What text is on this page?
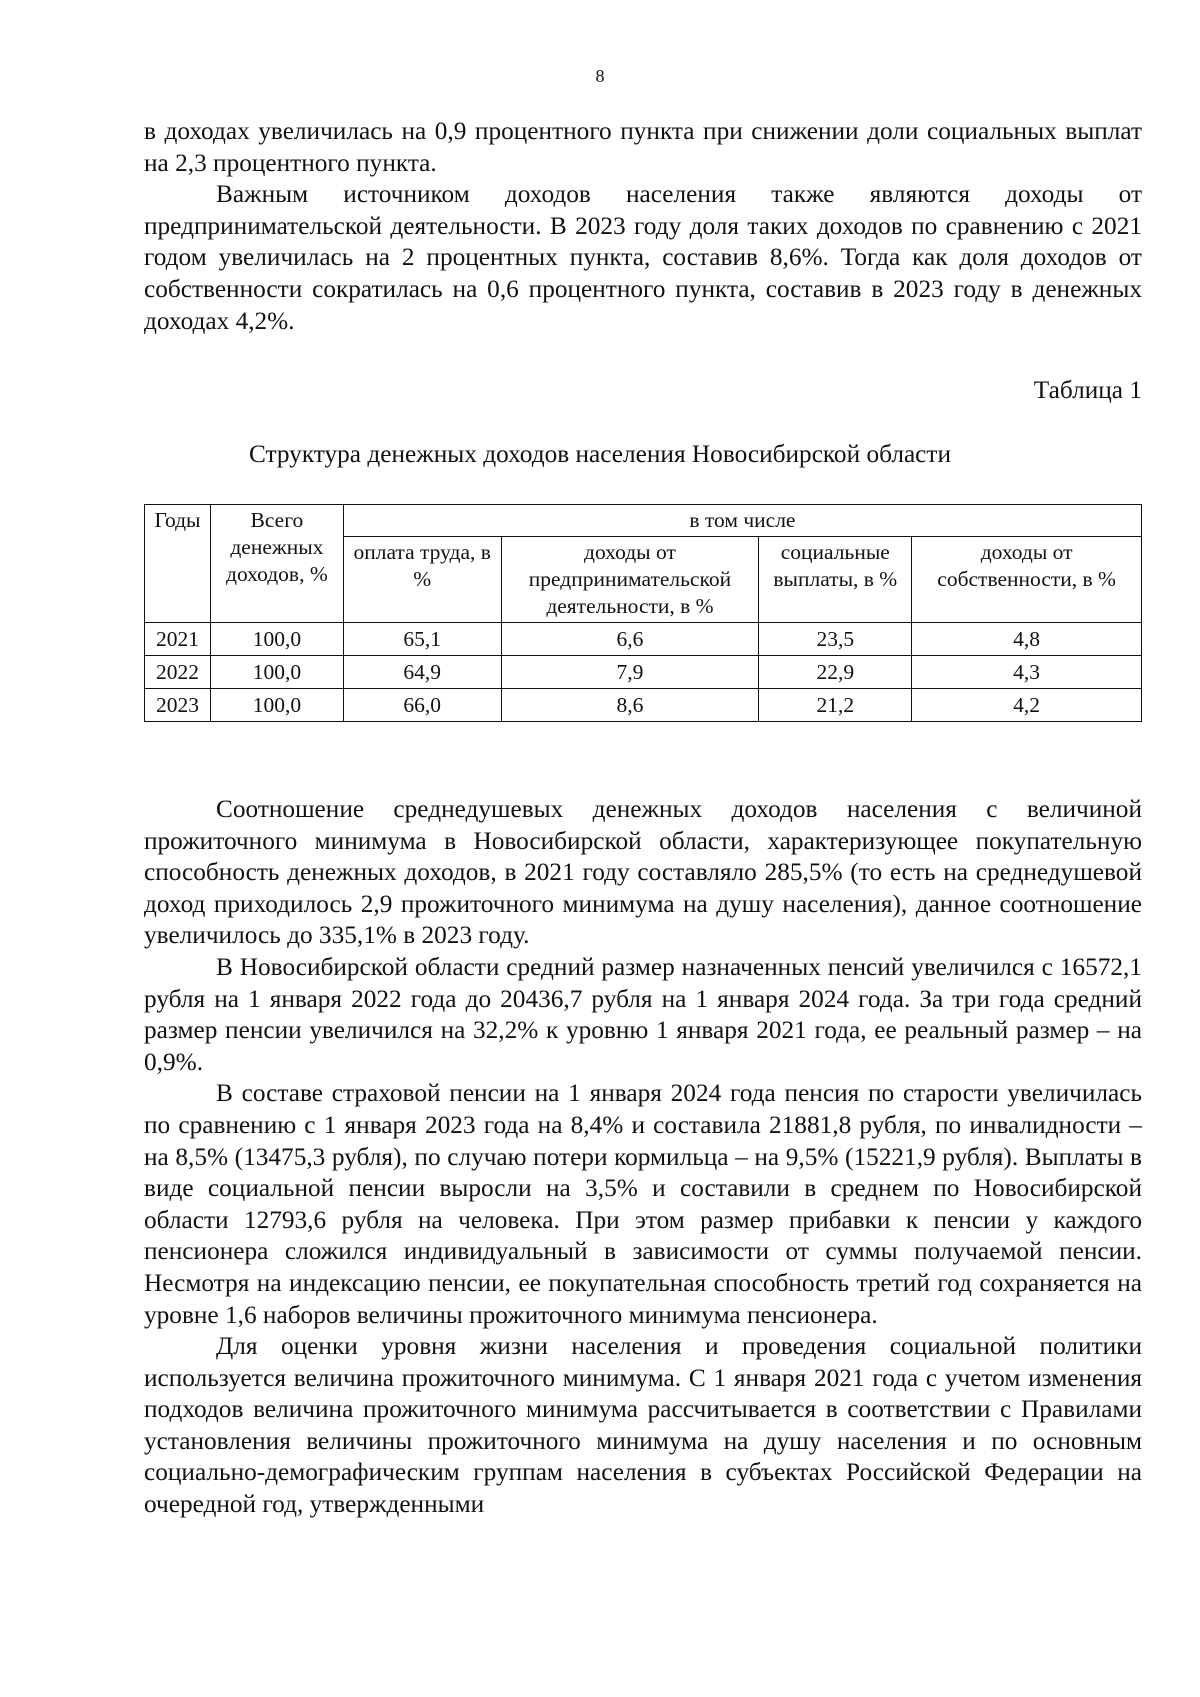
8

в доходах увеличилась на 0,9 процентного пункта при снижении доли социальных выплат на 2,3 процентного пункта.

Важным источником доходов населения также являются доходы от предпринимательской деятельности. В 2023 году доля таких доходов по сравнению с 2021 годом увеличилась на 2 процентных пункта, составив 8,6%. Тогда как доля доходов от собственности сократилась на 0,6 процентного пункта, составив в 2023 году в денежных доходах 4,2%.

Таблица 1
Структура денежных доходов населения Новосибирской области
Годы	Всего денежных доходов, %	в том числе			
		оплата труда, в %	доходы от предпринимательской деятельности, в %	социальные выплаты, в %	доходы от собственности, в %
2021	100,0	65,1	6,6	23,5	4,8
2022	100,0	64,9	7,9	22,9	4,3
2023	100,0	66,0	8,6	21,2	4,2

Соотношение среднедушевых денежных доходов населения с величиной прожиточного минимума в Новосибирской области, характеризующее покупательную способность денежных доходов, в 2021 году составляло 285,5% (то есть на среднедушевой доход приходилось 2,9 прожиточного минимума на душу населения), данное соотношение увеличилось до 335,1% в 2023 году.

В Новосибирской области средний размер назначенных пенсий увеличился с 16572,1 рубля на 1 января 2022 года до 20436,7 рубля на 1 января 2024 года. За три года средний размер пенсии увеличился на 32,2% к уровню 1 января 2021 года, ее реальный размер – на 0,9%.

В составе страховой пенсии на 1 января 2024 года пенсия по старости увеличилась по сравнению с 1 января 2023 года на 8,4% и составила 21881,8 рубля, по инвалидности – на 8,5% (13475,3 рубля), по случаю потери кормильца – на 9,5% (15221,9 рубля). Выплаты в виде социальной пенсии выросли на 3,5% и составили в среднем по Новосибирской области 12793,6 рубля на человека. При этом размер прибавки к пенсии у каждого пенсионера сложился индивидуальный в зависимости от суммы получаемой пенсии. Несмотря на индексацию пенсии, ее покупательная способность третий год сохраняется на уровне 1,6 наборов величины прожиточного минимума пенсионера.

Для оценки уровня жизни населения и проведения социальной политики используется величина прожиточного минимума. С 1 января 2021 года с учетом изменения подходов величина прожиточного минимума рассчитывается в соответствии с Правилами установления величины прожиточного минимума на душу населения и по основным социально-демографическим группам населения в субъектах Российской Федерации на очередной год, утвержденными
